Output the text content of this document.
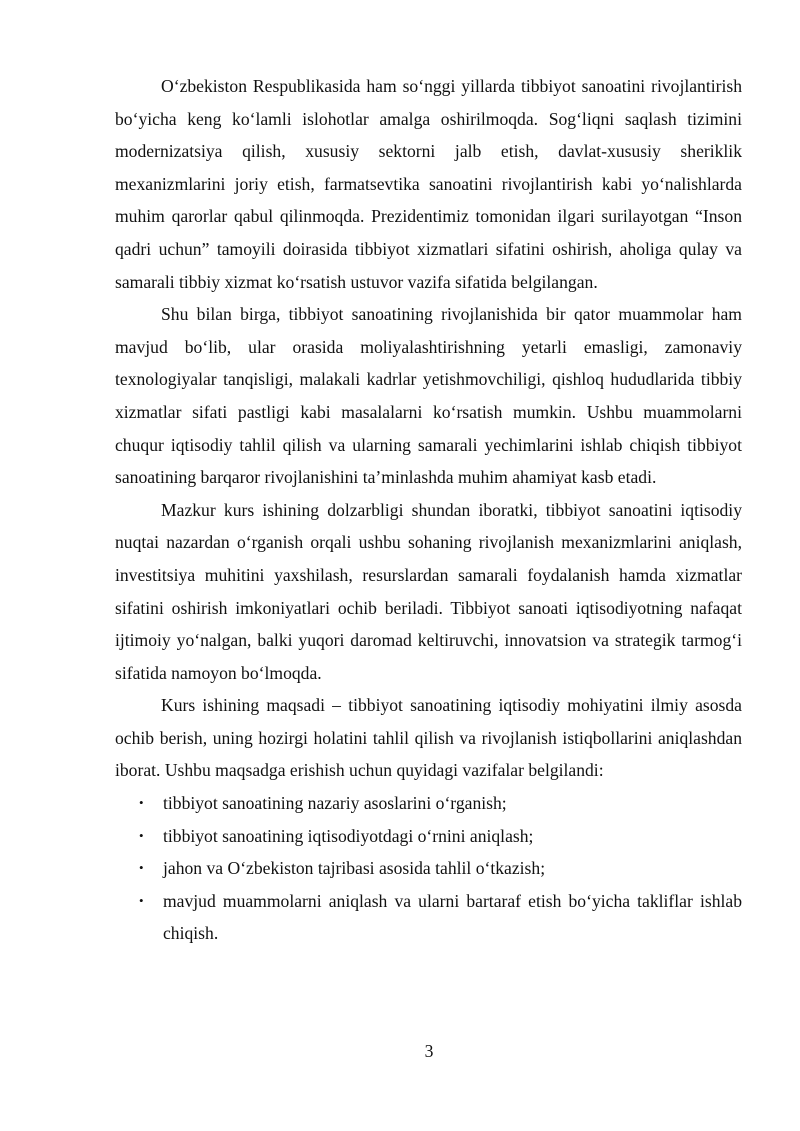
O‘zbekiston Respublikasida ham so‘nggi yillarda tibbiyot sanoatini rivojlantirish bo‘yicha keng ko‘lamli islohotlar amalga oshirilmoqda. Sog‘liqni saqlash tizimini modernizatsiya qilish, xususiy sektorni jalb etish, davlat-xususiy sheriklik mexanizmlarini joriy etish, farmatsevtika sanoatini rivojlantirish kabi yo‘nalishlarda muhim qarorlar qabul qilinmoqda. Prezidentimiz tomonidan ilgari surilayotgan “Inson qadri uchun” tamoyili doirasida tibbiyot xizmatlari sifatini oshirish, aholiga qulay va samarali tibbiy xizmat ko‘rsatish ustuvor vazifa sifatida belgilangan.

Shu bilan birga, tibbiyot sanoatining rivojlanishida bir qator muammolar ham mavjud bo‘lib, ular orasida moliyalashtirishning yetarli emasligi, zamonaviy texnologiyalar tanqisligi, malakali kadrlar yetishmovchiligi, qishloq hududlarida tibbiy xizmatlar sifati pastligi kabi masalalarni ko‘rsatish mumkin. Ushbu muammolarni chuqur iqtisodiy tahlil qilish va ularning samarali yechimlarini ishlab chiqish tibbiyot sanoatining barqaror rivojlanishini ta’minlashda muhim ahamiyat kasb etadi.

Mazkur kurs ishining dolzarbligi shundan iboratki, tibbiyot sanoatini iqtisodiy nuqtai nazardan o‘rganish orqali ushbu sohaning rivojlanish mexanizmlarini aniqlash, investitsiya muhitini yaxshilash, resurslardan samarali foydalanish hamda xizmatlar sifatini oshirish imkoniyatlari ochib beriladi. Tibbiyot sanoati iqtisodiyotning nafaqat ijtimoiy yo‘nalgan, balki yuqori daromad keltiruvchi, innovatsion va strategik tarmog‘i sifatida namoyon bo‘lmoqda.

Kurs ishining maqsadi – tibbiyot sanoatining iqtisodiy mohiyatini ilmiy asosda ochib berish, uning hozirgi holatini tahlil qilish va rivojlanish istiqbollarini aniqlashdan iborat. Ushbu maqsadga erishish uchun quyidagi vazifalar belgilandi:

• tibbiyot sanoatining nazariy asoslarini o‘rganish;
• tibbiyot sanoatining iqtisodiyotdagi o‘rnini aniqlash;
• jahon va O‘zbekiston tajribasi asosida tahlil o‘tkazish;
• mavjud muammolarni aniqlash va ularni bartaraf etish bo‘yicha takliflar ishlab chiqish.
3
